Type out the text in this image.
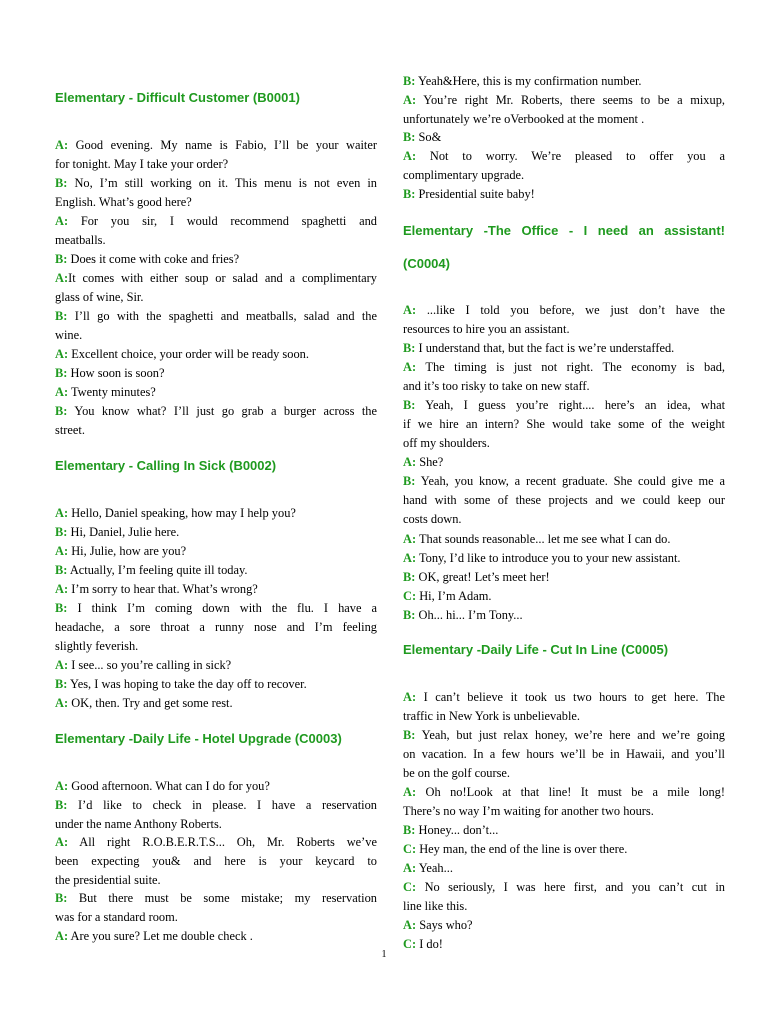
Elementary - Difficult Customer (B0001)
A: Good evening. My name is Fabio, I’ll be your waiter
for tonight. May I take your order?
B: No, I’m still working on it. This menu is not even in
English. What’s good here?
A: For you sir, I would recommend spaghetti and
meatballs.
B: Does it come with coke and fries?
A:It comes with either soup or salad and a complimentary
glass of wine, Sir.
B: I’ll go with the spaghetti and meatballs, salad and the
wine.
A: Excellent choice, your order will be ready soon.
B: How soon is soon?
A: Twenty minutes?
B: You know what? I’ll just go grab a burger across the
street.
Elementary - Calling In Sick (B0002)
A: Hello, Daniel speaking, how may I help you?
B: Hi, Daniel, Julie here.
A: Hi, Julie, how are you?
B: Actually, I’m feeling quite ill today.
A: I’m sorry to hear that. What’s wrong?
B: I think I’m coming down with the flu. I have a
headache, a sore throat a runny nose and I’m feeling
slightly feverish.
A: I see... so you’re calling in sick?
B: Yes, I was hoping to take the day off to recover.
A: OK, then. Try and get some rest.
Elementary -Daily Life - Hotel Upgrade (C0003)
A: Good afternoon. What can I do for you?
B: I’d like to check in please. I have a reservation
under the name Anthony Roberts.
A: All right R.O.B.E.R.T.S... Oh, Mr. Roberts we’ve
been expecting you& and here is your keycard to
the presidential suite.
B: But there must be some mistake; my reservation
was for a standard room.
A: Are you sure? Let me double check .
B: Yeah&Here, this is my confirmation number.
A: You’re right Mr. Roberts, there seems to be a mixup,
unfortunately we’re oVerbooked at the moment .
B: So&
A: Not to worry. We’re pleased to offer you a
complimentary upgrade.
B: Presidential suite baby!
Elementary -The Office - I need an assistant!
(C0004)
A: ...like I told you before, we just don’t have the
resources to hire you an assistant.
B: I understand that, but the fact is we’re understaffed.
A: The timing is just not right. The economy is bad,
and it’s too risky to take on new staff.
B: Yeah, I guess you’re right.... here’s an idea, what
if we hire an intern? She would take some of the weight
off my shoulders.
A: She?
B: Yeah, you know, a recent graduate. She could give me a
hand with some of these projects and we could keep our
costs down.
A: That sounds reasonable... let me see what I can do.
A: Tony, I’d like to introduce you to your new assistant.
B: OK, great! Let’s meet her!
C: Hi, I’m Adam.
B: Oh... hi... I’m Tony...
Elementary -Daily Life - Cut In Line (C0005)
A: I can’t believe it took us two hours to get here. The
traffic in New York is unbelievable.
B: Yeah, but just relax honey, we’re here and we’re going
on vacation. In a few hours we’ll be in Hawaii, and you’ll
be on the golf course.
A: Oh no!Look at that line! It must be a mile long!
There’s no way I’m waiting for another two hours.
B: Honey... don’t...
C: Hey man, the end of the line is over there.
A: Yeah...
C: No seriously, I was here first, and you can’t cut in
line like this.
A: Says who?
C: I do!
1
